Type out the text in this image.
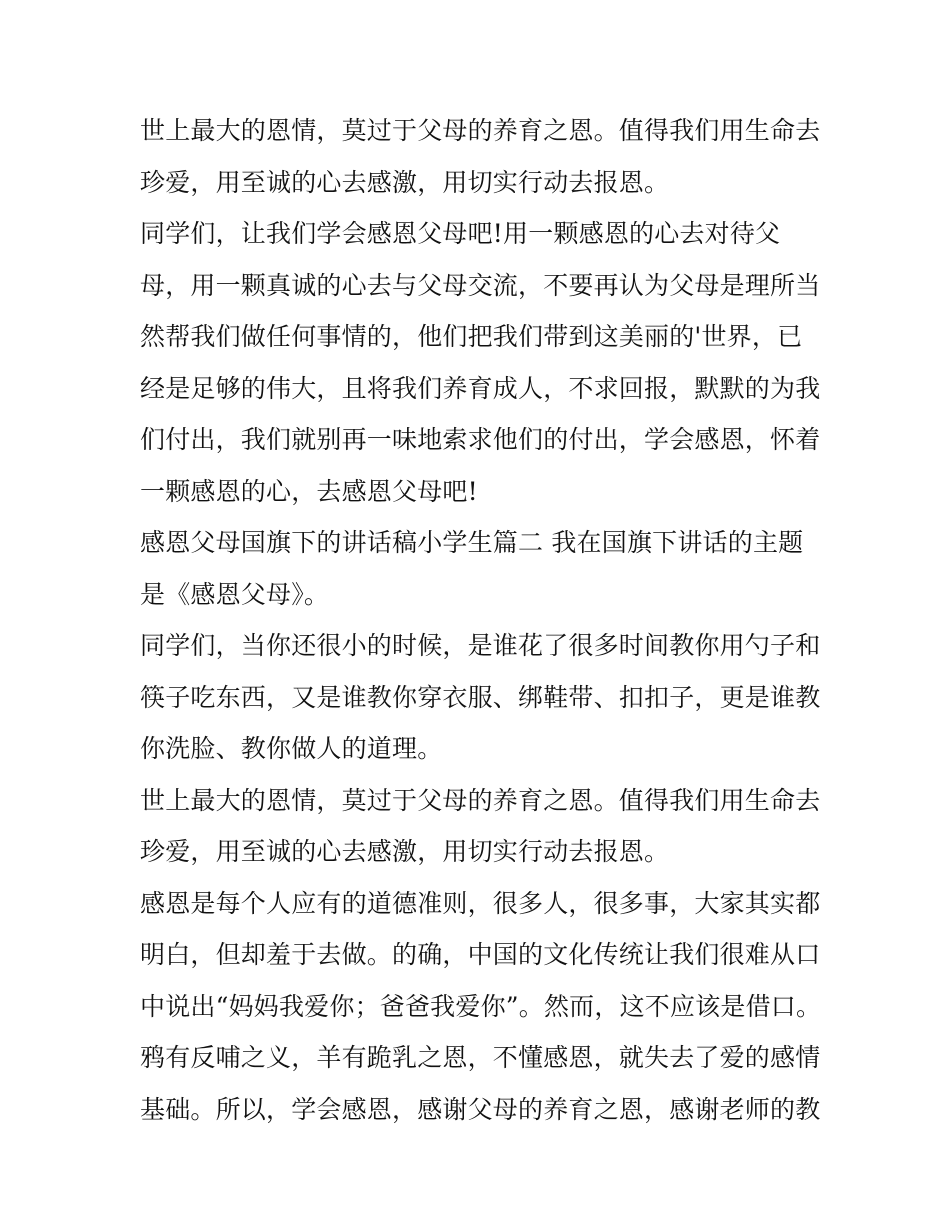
世上最大的恩情，莫过于父母的养育之恩。值得我们用生命去
珍爱，用至诚的心去感激，用切实行动去报恩。
同学们，让我们学会感恩父母吧!用一颗感恩的心去对待父
母，用一颗真诚的心去与父母交流，不要再认为父母是理所当
然帮我们做任何事情的，他们把我们带到这美丽的'世界，已
经是足够的伟大，且将我们养育成人，不求回报，默默的为我
们付出，我们就别再一味地索求他们的付出，学会感恩，怀着
一颗感恩的心，去感恩父母吧!
感恩父母国旗下的讲话稿小学生篇二 我在国旗下讲话的主题
是《感恩父母》。
同学们，当你还很小的时候，是谁花了很多时间教你用勺子和
筷子吃东西，又是谁教你穿衣服、绑鞋带、扣扣子，更是谁教
你洗脸、教你做人的道理。
世上最大的恩情，莫过于父母的养育之恩。值得我们用生命去
珍爱，用至诚的心去感激，用切实行动去报恩。
感恩是每个人应有的道德准则，很多人，很多事，大家其实都
明白，但却羞于去做。的确，中国的文化传统让我们很难从口
中说出“妈妈我爱你；爸爸我爱你”。然而，这不应该是借口。
鸦有反哺之义，羊有跪乳之恩，不懂感恩，就失去了爱的感情
基础。所以，学会感恩，感谢父母的养育之恩，感谢老师的教
